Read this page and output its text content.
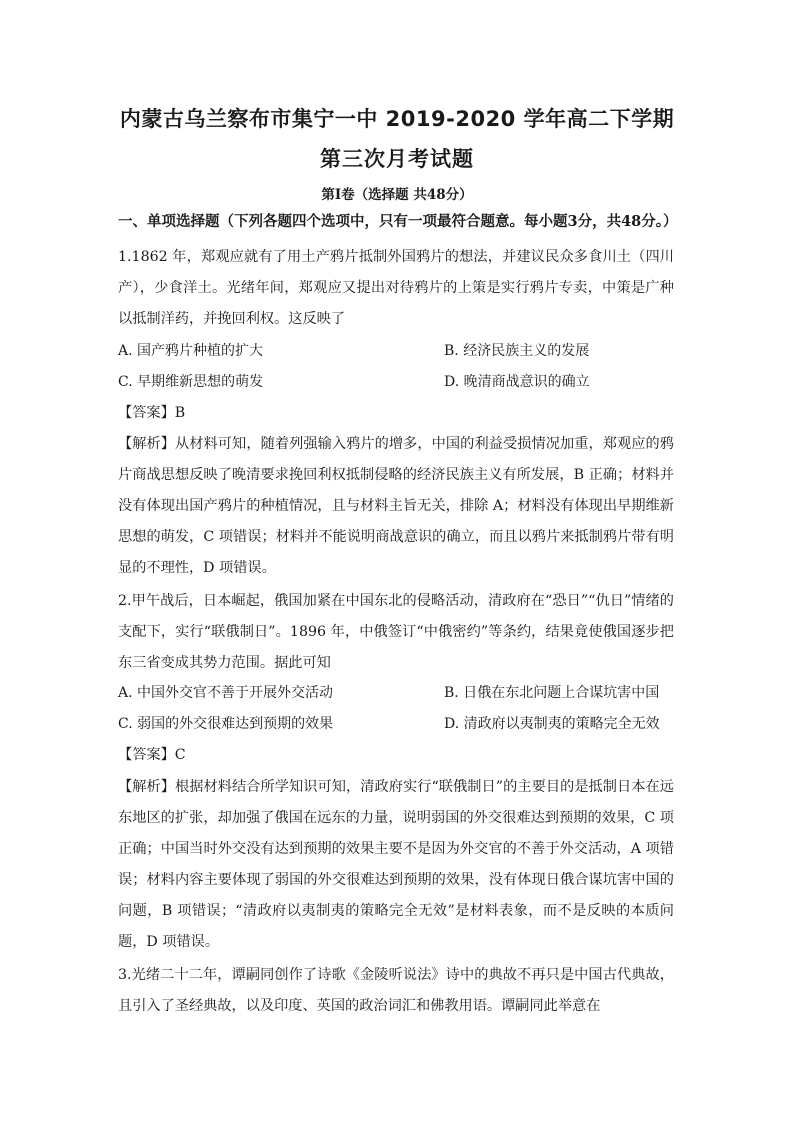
内蒙古乌兰察布市集宁一中 2019-2020 学年高二下学期
第三次月考试题
第Ⅰ卷（选择题 共48分）
一、单项选择题（下列各题四个选项中，只有一项最符合题意。每小题3分，共48分。）
1.1862 年，郑观应就有了用土产鸦片抵制外国鸦片的想法，并建议民众多食川土（四川产），少食洋土。光绪年间，郑观应又提出对待鸦片的上策是实行鸦片专卖，中策是广种以抵制洋药，并挽回利权。这反映了
A. 国产鸦片种植的扩大	B. 经济民族主义的发展
C. 早期维新思想的萌发	D. 晚清商战意识的确立
【答案】B
【解析】从材料可知，随着列强输入鸦片的增多，中国的利益受损情况加重，郑观应的鸦片商战思想反映了晚清要求挽回利权抵制侵略的经济民族主义有所发展，B 正确；材料并没有体现出国产鸦片的种植情况，且与材料主旨无关，排除 A；材料没有体现出早期维新思想的萌发，C 项错误；材料并不能说明商战意识的确立，而且以鸦片来抵制鸦片带有明显的不理性，D 项错误。
2.甲午战后，日本崛起，俄国加紧在中国东北的侵略活动，清政府在“恐日”“仇日”情绪的支配下，实行“联俄制日”。1896 年，中俄签订“中俄密约”等条约，结果竟使俄国逐步把东三省变成其势力范围。据此可知
A. 中国外交官不善于开展外交活动	B. 日俄在东北问题上合谋坑害中国
C. 弱国的外交很难达到预期的效果	D. 清政府以夷制夷的策略完全无效
【答案】C
【解析】根据材料结合所学知识可知，清政府实行“联俄制日”的主要目的是抵制日本在远东地区的扩张，却加强了俄国在远东的力量，说明弱国的外交很难达到预期的效果，C 项正确；中国当时外交没有达到预期的效果主要不是因为外交官的不善于外交活动，A 项错误；材料内容主要体现了弱国的外交很难达到预期的效果，没有体现日俄合谋坑害中国的问题，B 项错误；“清政府以夷制夷的策略完全无效”是材料表象，而不是反映的本质问题，D 项错误。
3.光绪二十二年，谭嗣同创作了诗歌《金陵听说法》诗中的典故不再只是中国古代典故，且引入了圣经典故，以及印度、英国的政治词汇和佛教用语。谭嗣同此举意在
